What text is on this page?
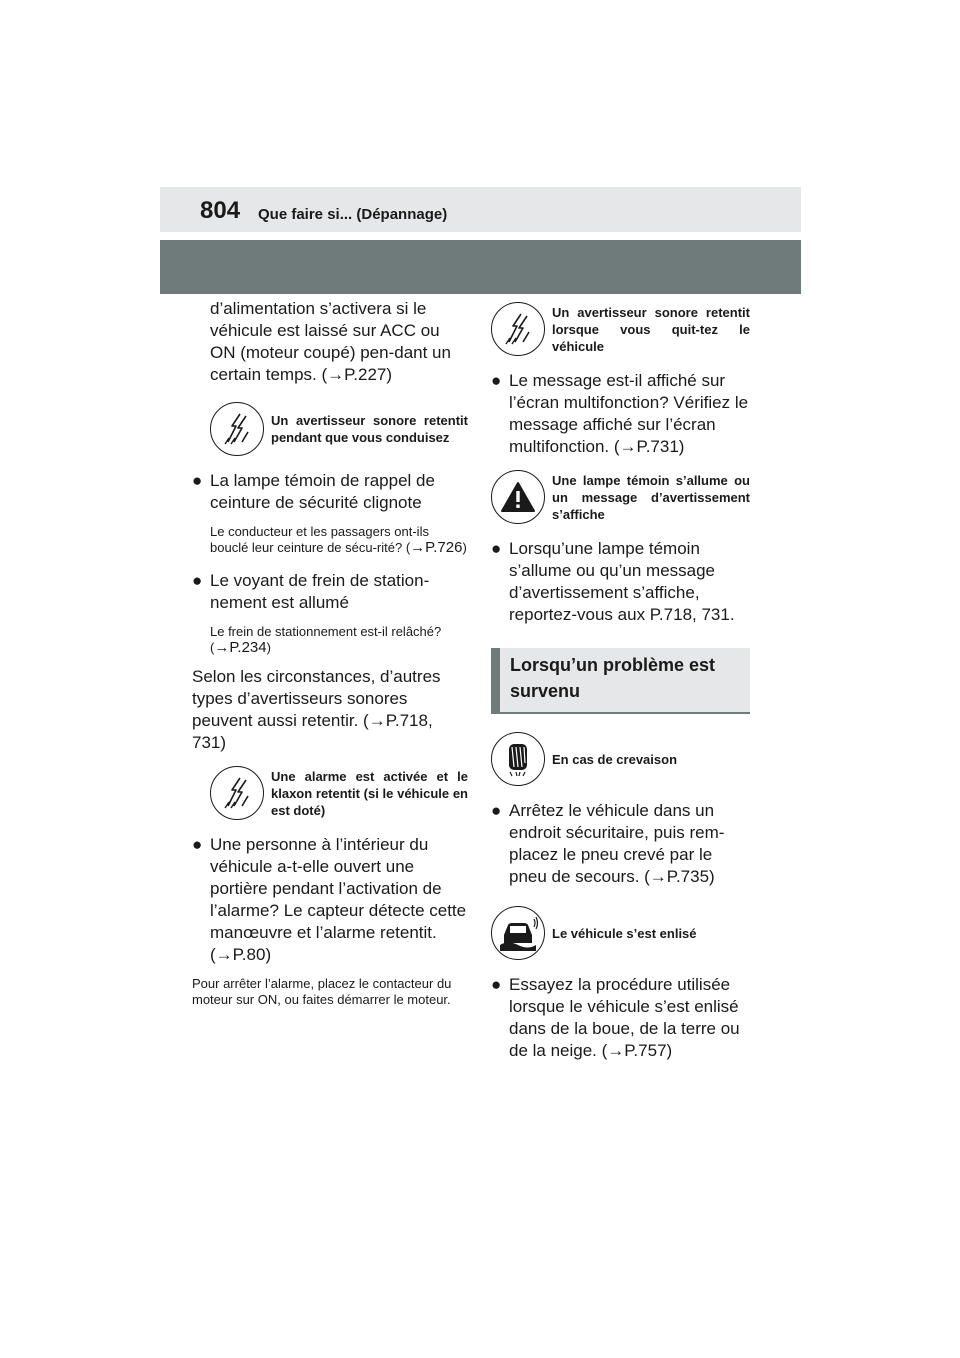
804 Que faire si... (Dépannage)

d’alimentation s’activera si le véhicule est laissé sur ACC ou ON (moteur coupé) pen-dant un certain temps. (→P.227)

Un avertisseur sonore retentit pendant que vous conduisez
● La lampe témoin de rappel de ceinture de sécurité clignote

Le conducteur et les passagers ont-ils bouclé leur ceinture de sécu-rité? (→P.726)

● Le voyant de frein de station-nement est allumé

Le frein de stationnement est-il relâché? (→P.234)

Selon les circonstances, d’autres types d’avertisseurs sonores peuvent aussi retentir. (→P.718, 731)

Une alarme est activée et le klaxon retentit (si le véhicule en est doté)
● Une personne à l’intérieur du véhicule a-t-elle ouvert une portière pendant l’activation de l’alarme? Le capteur détecte cette manœuvre et l’alarme retentit. (→P.80)

Pour arrêter l’alarme, placez le contacteur du moteur sur ON, ou faites démarrer le moteur.

Un avertisseur sonore retentit lorsque vous quit-tez le véhicule
● Le message est-il affiché sur l’écran multifonction? Vérifiez le message affiché sur l’écran multifonction. (→P.731)
Une lampe témoin s’allume ou un message d’avertissement s’affiche
● Lorsqu’une lampe témoin s’allume ou qu’un message d’avertissement s’affiche, reportez-vous aux P.718, 731.
Lorsqu’un problème est survenu
En cas de crevaison
● Arrêtez le véhicule dans un endroit sécuritaire, puis rem-placez le pneu crevé par le pneu de secours. (→P.735)
Le véhicule s’est enlisé
● Essayez la procédure utilisée lorsque le véhicule s’est enlisé dans de la boue, de la terre ou de la neige. (→P.757)
